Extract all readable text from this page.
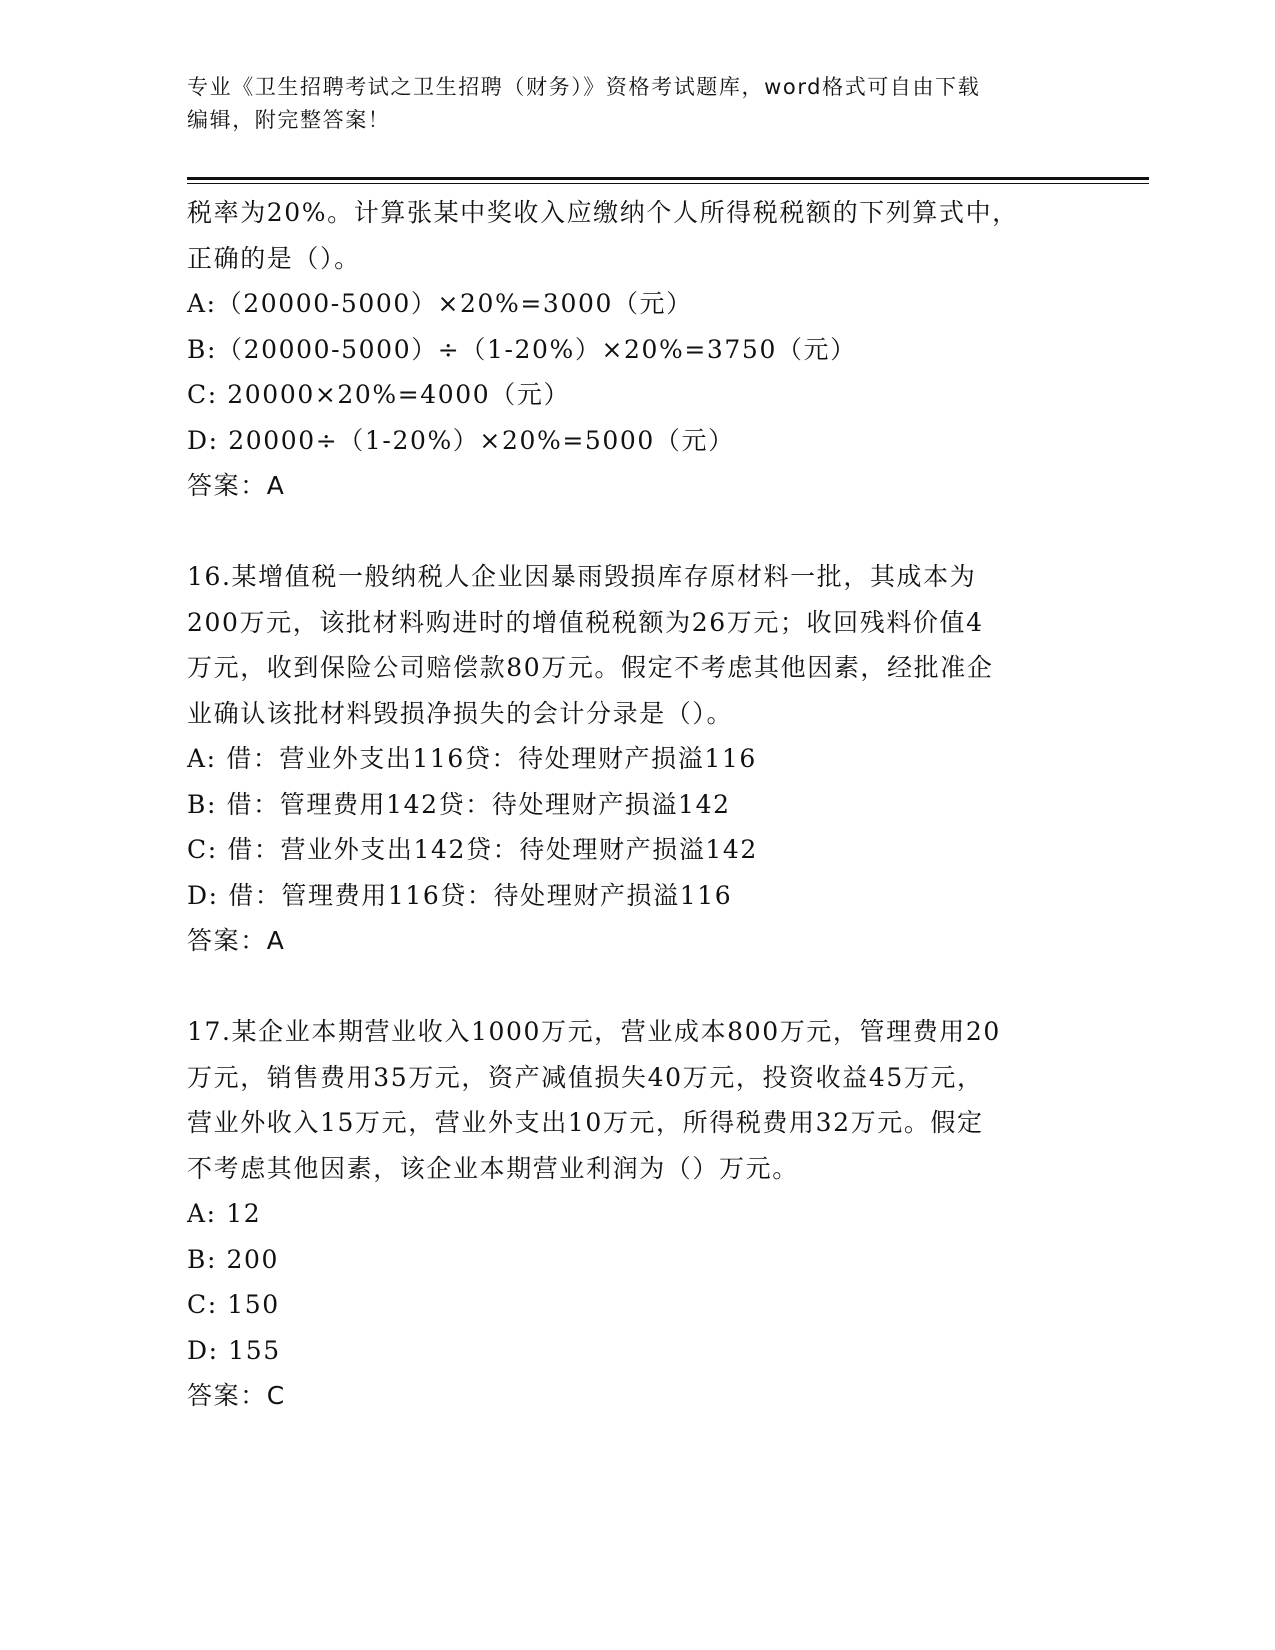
专业《卫生招聘考试之卫生招聘（财务）》资格考试题库，word格式可自由下载
编辑，附完整答案！
税率为20%。计算张某中奖收入应缴纳个人所得税税额的下列算式中，
正确的是（）。
A:（20000-5000）×20%=3000（元）
B:（20000-5000）÷（1-20%）×20%=3750（元）
C: 20000×20%=4000（元）
D: 20000÷（1-20%）×20%=5000（元）
答案：A
16.某增值税一般纳税人企业因暴雨毁损库存原材料一批，其成本为
200万元，该批材料购进时的增值税税额为26万元；收回残料价值4
万元，收到保险公司赔偿款80万元。假定不考虑其他因素，经批准企
业确认该批材料毁损净损失的会计分录是（）。
A: 借：营业外支出116贷：待处理财产损溢116
B: 借：管理费用142贷：待处理财产损溢142
C: 借：营业外支出142贷：待处理财产损溢142
D: 借：管理费用116贷：待处理财产损溢116
答案：A
17.某企业本期营业收入1000万元，营业成本800万元，管理费用20
万元，销售费用35万元，资产减值损失40万元，投资收益45万元，
营业外收入15万元，营业外支出10万元，所得税费用32万元。假定
不考虑其他因素，该企业本期营业利润为（）万元。
A: 12
B: 200
C: 150
D: 155
答案：C
